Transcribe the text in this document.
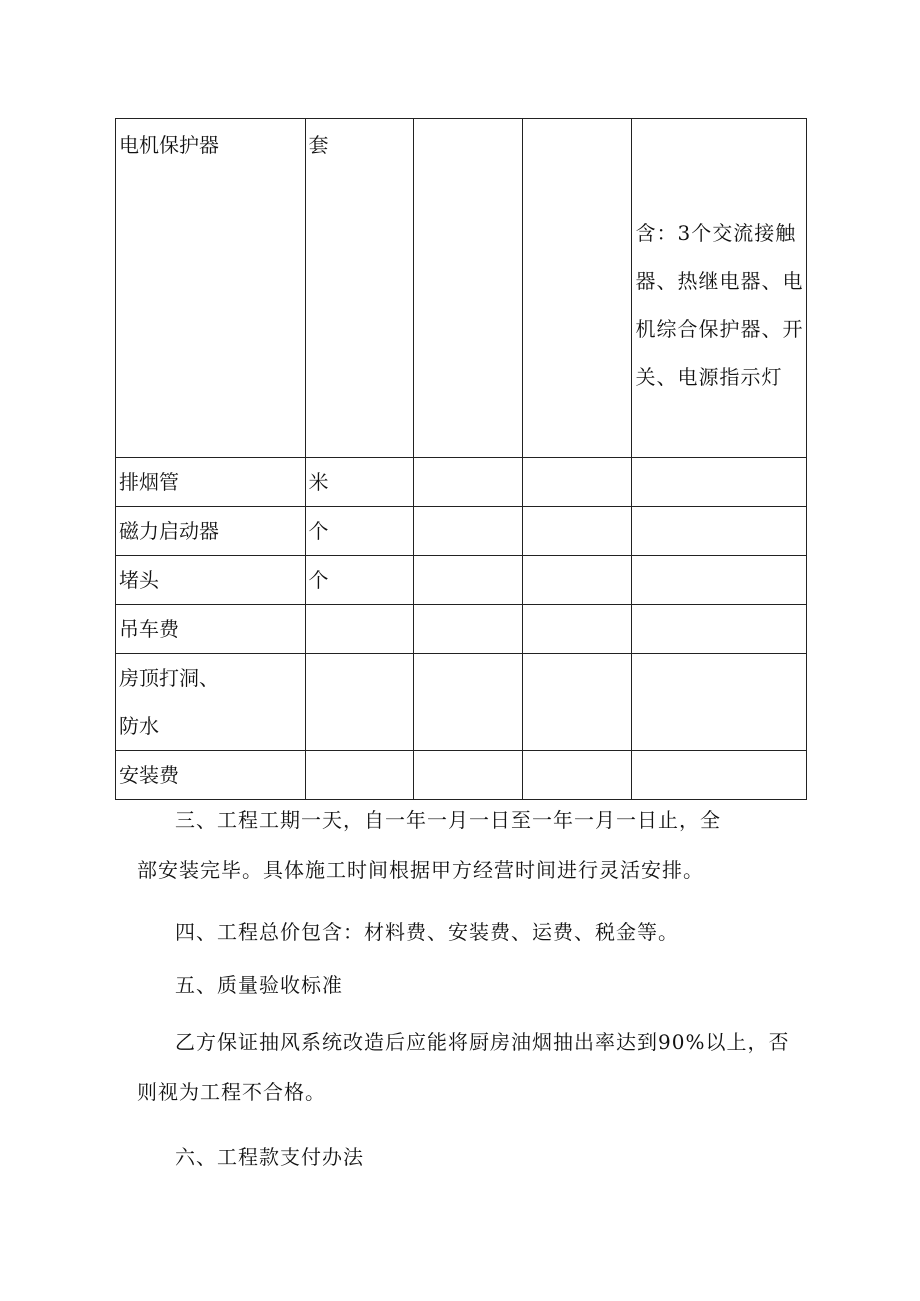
电机保护器	套			含：3个交流接触
器、热继电器、电
机综合保护器、开
关、电源指示灯

排烟管	米			
磁力启动器	个			
堵头	个			
吊车费				

房顶打洞、
防水				

安装费				
三、工程工期一天，自一年一月一日至一年一月一日止，全
部安装完毕。具体施工时间根据甲方经营时间进行灵活安排。
四、工程总价包含：材料费、安装费、运费、税金等。
五、质量验收标准
乙方保证抽风系统改造后应能将厨房油烟抽出率达到90%以上，否
则视为工程不合格。
六、工程款支付办法
